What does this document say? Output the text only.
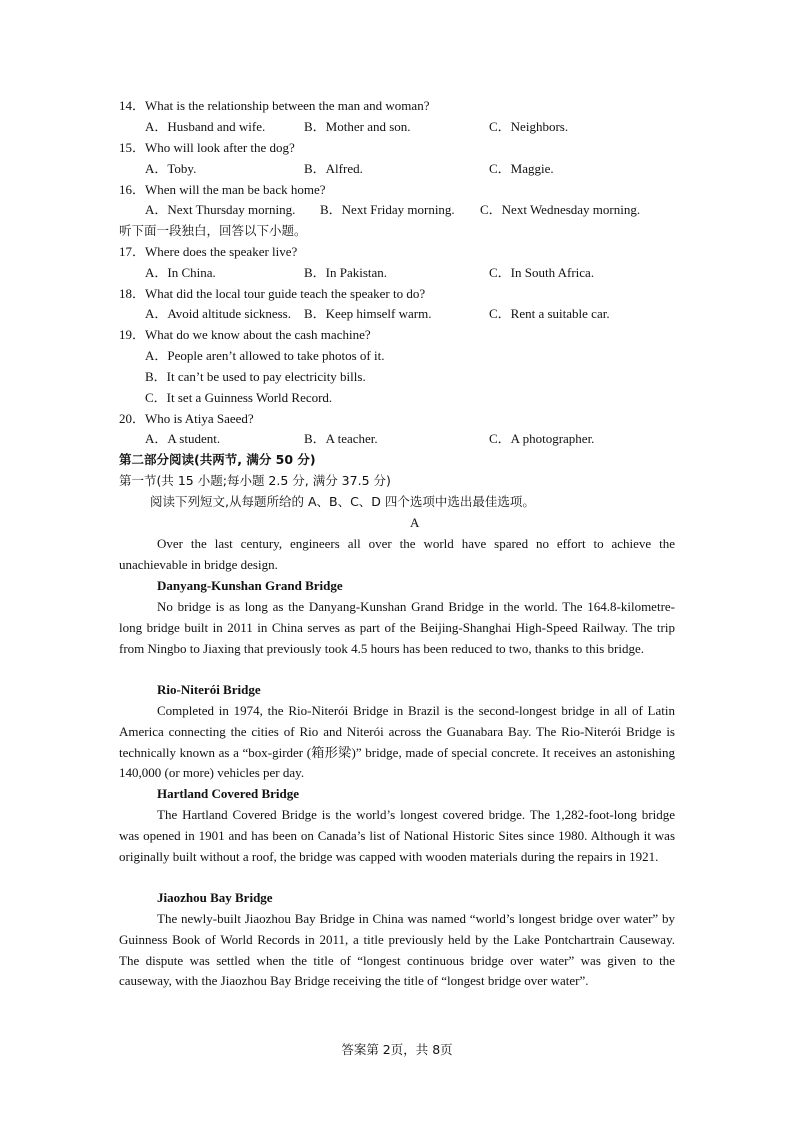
14．What is the relationship between the man and woman?
A．Husband and wife.	B．Mother and son.	C．Neighbors.
15．Who will look after the dog?
A．Toby.	B．Alfred.	C．Maggie.
16．When will the man be back home?
A．Next Thursday morning. B．Next Friday morning. C．Next Wednesday morning.
听下面一段独白，回答以下小题。
17．Where does the speaker live?
A．In China.	B．In Pakistan.	C．In South Africa.
18．What did the local tour guide teach the speaker to do?
A．Avoid altitude sickness. B．Keep himself warm.	C．Rent a suitable car.
19．What do we know about the cash machine?
A．People aren’t allowed to take photos of it.
B．It can’t be used to pay electricity bills.
C．It set a Guinness World Record.
20．Who is Atiya Saeed?
A．A student.	B．A teacher.	C．A photographer.
第二部分阅读(共两节, 满分 50 分)
第一节(共 15 小题;每小题 2.5 分, 满分 37.5 分)
阅读下列短文,从每题所给的 A、B、C、D 四个选项中选出最佳选项。
A
Over the last century, engineers all over the world have spared no effort to achieve the unachievable in bridge design.
Danyang-Kunshan Grand Bridge
No bridge is as long as the Danyang-Kunshan Grand Bridge in the world. The 164.8-kilometre-long bridge built in 2011 in China serves as part of the Beijing-Shanghai High-Speed Railway. The trip from Ningbo to Jiaxing that previously took 4.5 hours has been reduced to two, thanks to this bridge.
Rio-Niterói Bridge
Completed in 1974, the Rio-Niterói Bridge in Brazil is the second-longest bridge in all of Latin America connecting the cities of Rio and Niterói across the Guanabara Bay. The Rio-Niterói Bridge is technically known as a “box-girder (箱形梁)” bridge, made of special concrete. It receives an astonishing 140,000 (or more) vehicles per day.
Hartland Covered Bridge
The Hartland Covered Bridge is the world’s longest covered bridge. The 1,282-foot-long bridge was opened in 1901 and has been on Canada’s list of National Historic Sites since 1980. Although it was originally built without a roof, the bridge was capped with wooden materials during the repairs in 1921.
Jiaozhou Bay Bridge
The newly-built Jiaozhou Bay Bridge in China was named “world’s longest bridge over water” by Guinness Book of World Records in 2011, a title previously held by the Lake Pontchartrain Causeway. The dispute was settled when the title of “longest continuous bridge over water” was given to the causeway, with the Jiaozhou Bay Bridge receiving the title of “longest bridge over water”.
答案第 2页，共 8页
